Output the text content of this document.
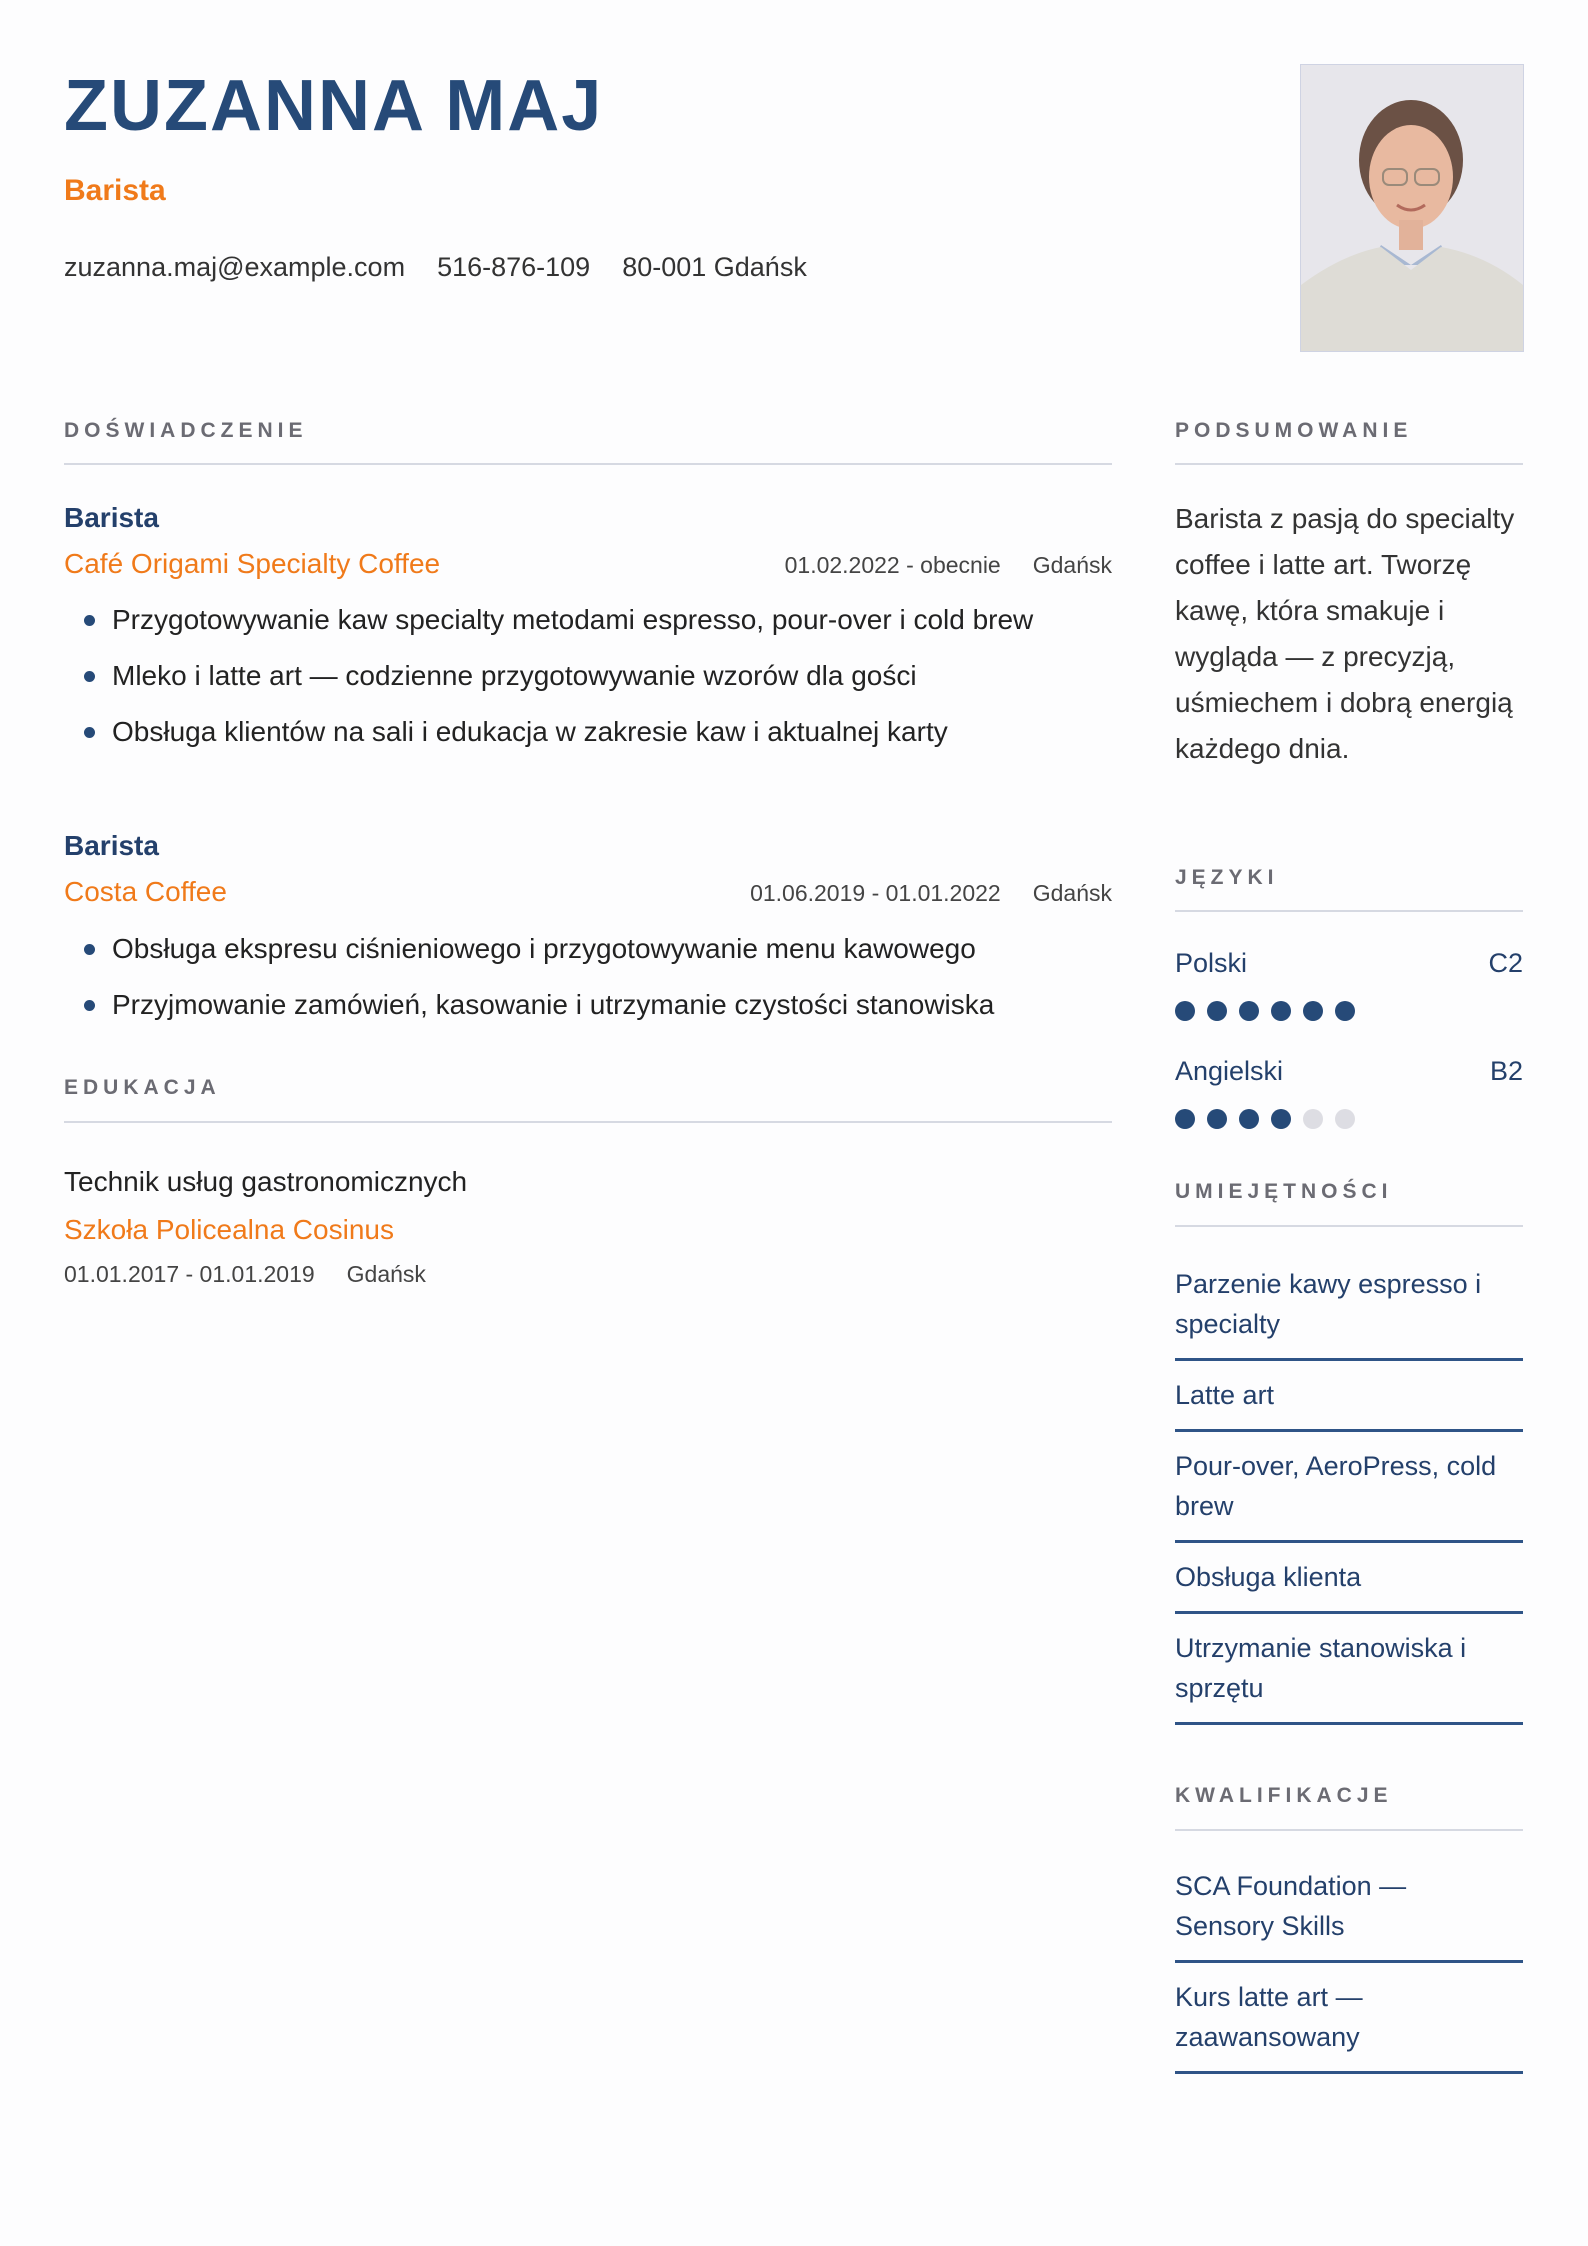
ZUZANNA MAJ
Barista
zuzanna.maj@example.com 516-876-109 80-001 Gdańsk
DOŚWIADCZENIE
Barista
Café Origami Specialty Coffee	01.02.2022 - obecnie Gdańsk
Przygotowywanie kaw specialty metodami espresso, pour-over i cold brew
Mleko i latte art — codzienne przygotowywanie wzorów dla gości
Obsługa klientów na sali i edukacja w zakresie kaw i aktualnej karty
Barista
Costa Coffee	01.06.2019 - 01.01.2022 Gdańsk
Obsługa ekspresu ciśnieniowego i przygotowywanie menu kawowego
Przyjmowanie zamówień, kasowanie i utrzymanie czystości stanowiska
EDUKACJA
Technik usług gastronomicznych
Szkoła Policealna Cosinus
01.01.2017 - 01.01.2019 Gdańsk
PODSUMOWANIE
Barista z pasją do specialty coffee i latte art. Tworzę kawę, która smakuje i wygląda — z precyzją, uśmiechem i dobrą energią każdego dnia.
JĘZYKI
Polski	C2
Angielski	B2
UMIEJĘTNOŚCI
Parzenie kawy espresso i specialty
Latte art
Pour-over, AeroPress, cold brew
Obsługa klienta
Utrzymanie stanowiska i sprzętu
KWALIFIKACJE
SCA Foundation — Sensory Skills
Kurs latte art — zaawansowany
